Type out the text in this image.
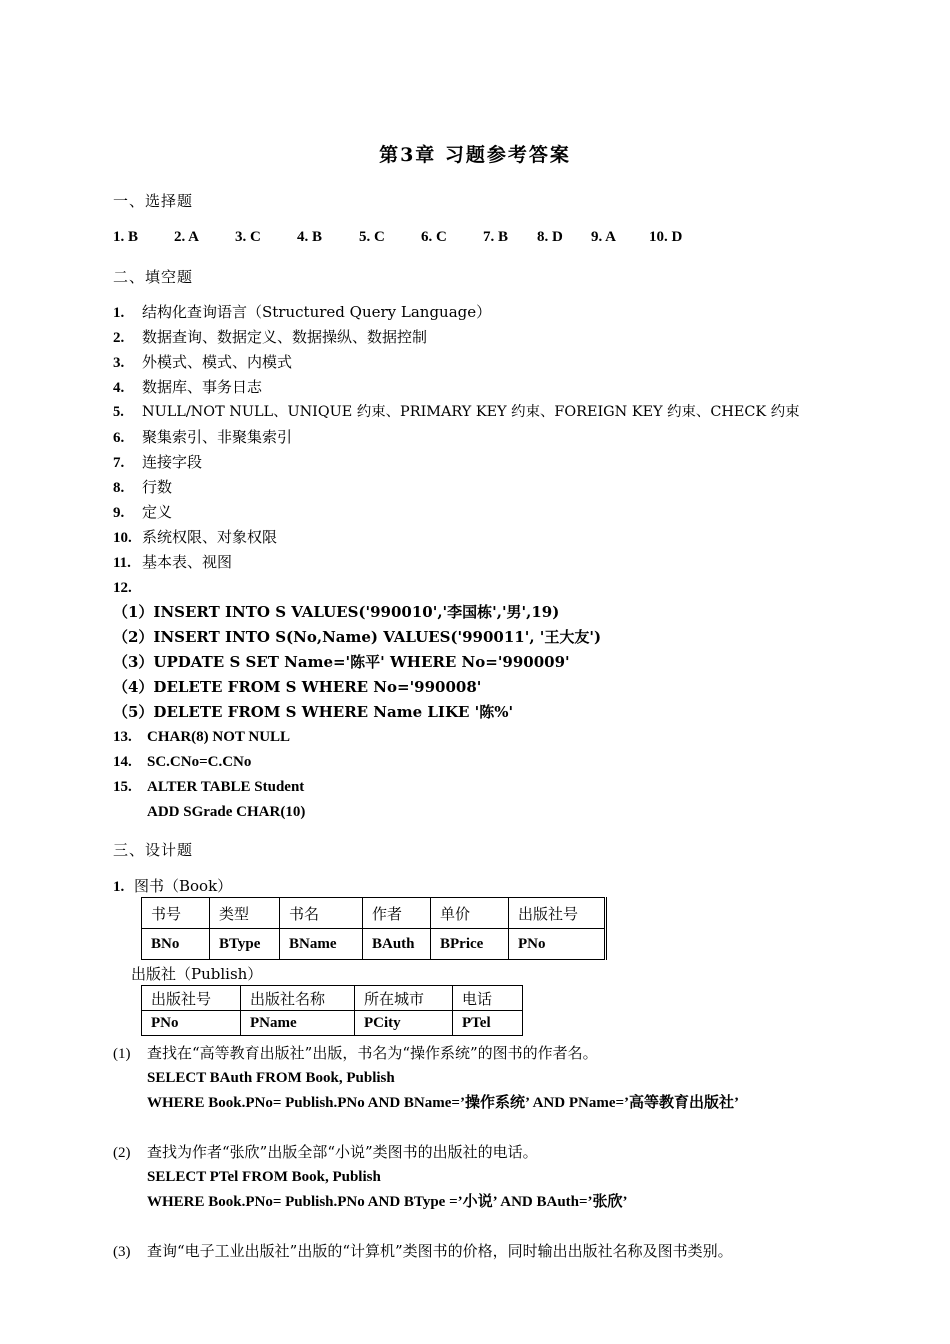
第3章 习题参考答案
一、选择题
1. B 2. A 3. C 4. B 5. C 6. C 7. B 8. D 9. A 10. D
二、填空题
1. 结构化查询语言（Structured Query Language）
2. 数据查询、数据定义、数据操纵、数据控制
3. 外模式、模式、内模式
4. 数据库、事务日志
5. NULL/NOT NULL、UNIQUE 约束、PRIMARY KEY 约束、FOREIGN KEY 约束、CHECK 约束
6. 聚集索引、非聚集索引
7. 连接字段
8. 行数
9. 定义
10. 系统权限、对象权限
11. 基本表、视图
12.
（1）INSERT INTO S VALUES('990010','李国栋','男',19)
（2）INSERT INTO S(No,Name) VALUES('990011', '王大友')
（3）UPDATE S SET Name='陈平' WHERE No='990009'
（4）DELETE FROM S WHERE No='990008'
（5）DELETE FROM S WHERE Name LIKE '陈%'
13. CHAR(8) NOT NULL
14. SC.CNo=C.CNo
15. ALTER TABLE Student
ADD SGrade CHAR(10)
三、设计题
1. 图书（Book）
书号	类型	书名	作者	单价	出版社号
BNo	BType	BName	BAuth	BPrice	PNo
出版社（Publish）
出版社号	出版社名称	所在城市	电话
PNo	PName	PCity	PTel
(1) 查找在“高等教育出版社”出版，书名为“操作系统”的图书的作者名。
SELECT BAuth FROM Book, Publish
WHERE Book.PNo= Publish.PNo AND BName=’操作系统’ AND PName=’高等教育出版社’
(2) 查找为作者“张欣”出版全部“小说”类图书的出版社的电话。
SELECT PTel FROM Book, Publish
WHERE Book.PNo= Publish.PNo AND BType =’小说’ AND BAuth=’张欣’
(3) 查询“电子工业出版社”出版的“计算机”类图书的价格，同时输出出版社名称及图书类别。
